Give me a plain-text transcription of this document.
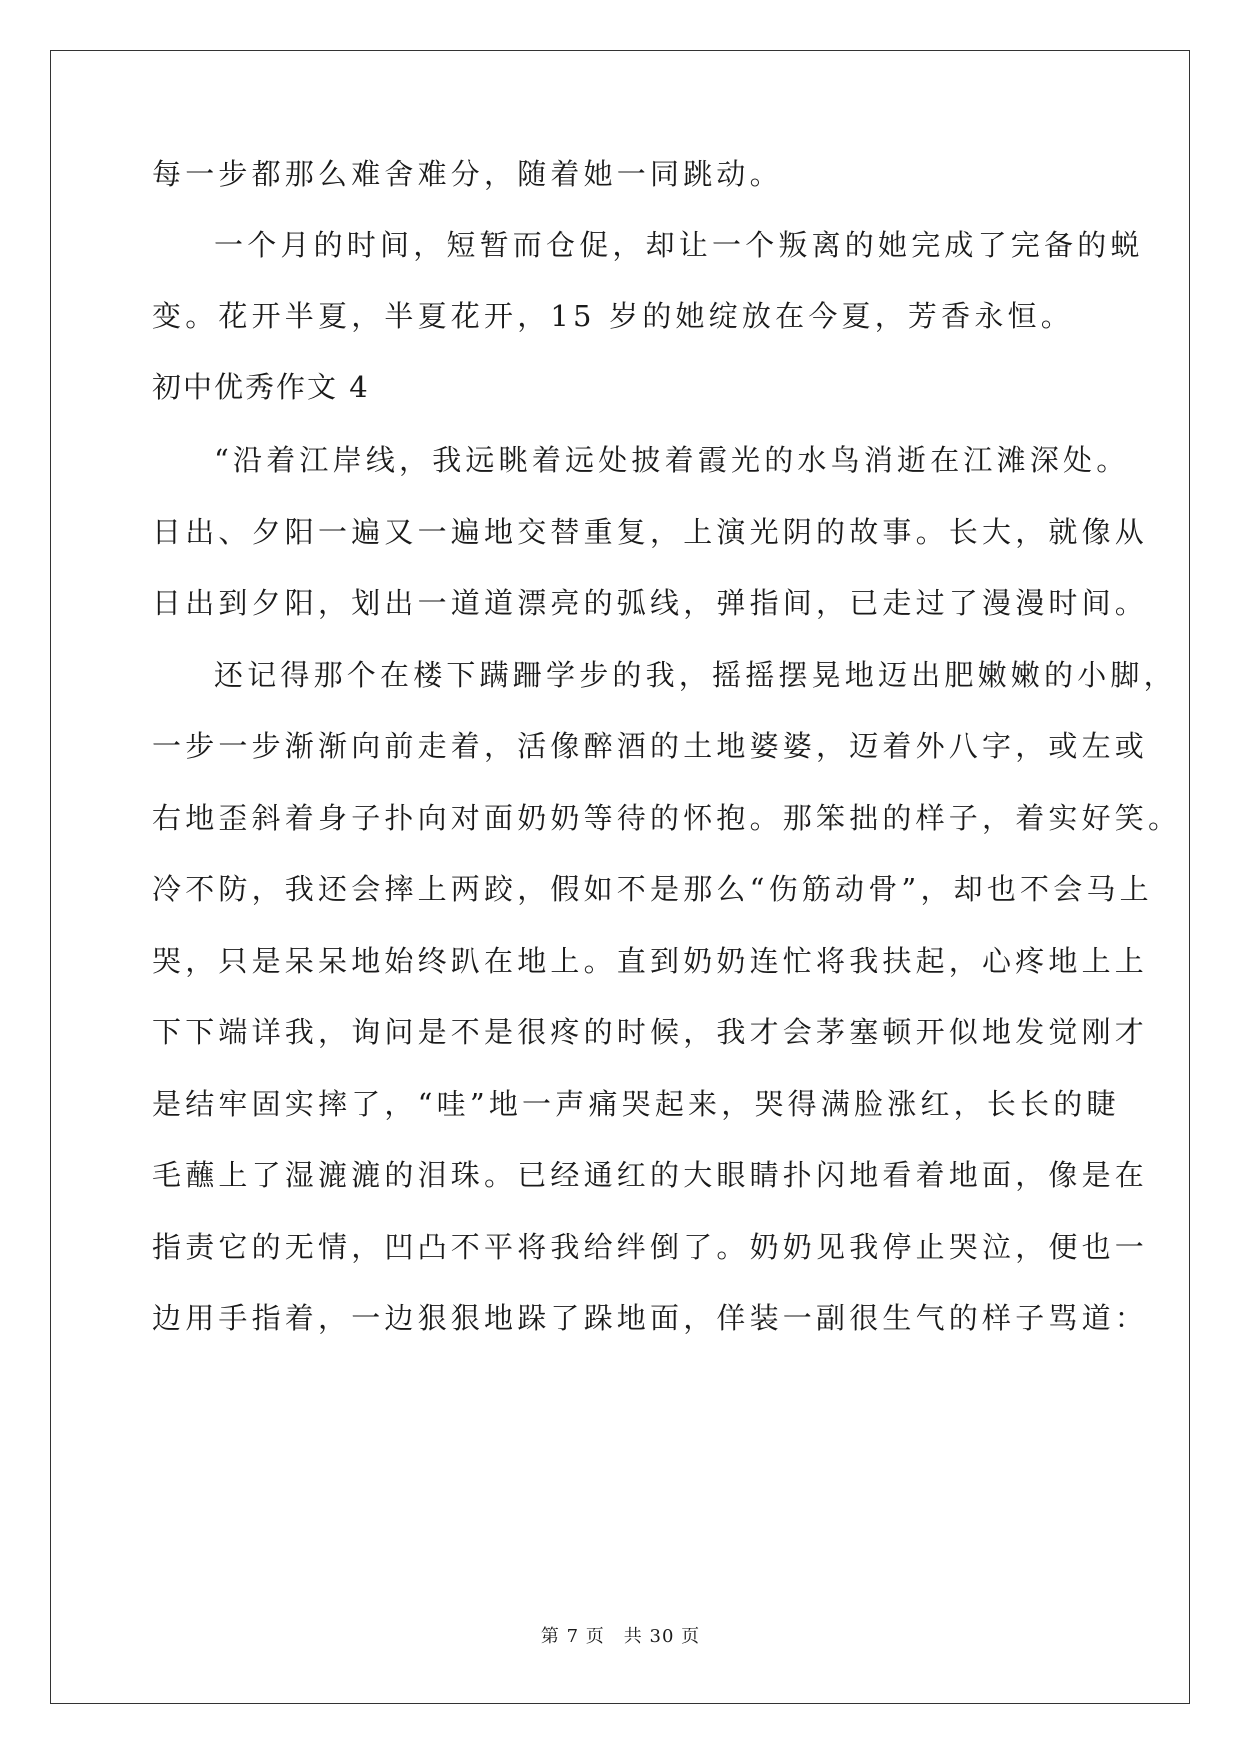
每一步都那么难舍难分，随着她一同跳动。
一个月的时间，短暂而仓促，却让一个叛离的她完成了完备的蜕
变。花开半夏，半夏花开，15 岁的她绽放在今夏，芳香永恒。
初中优秀作文 4
“沿着江岸线，我远眺着远处披着霞光的水鸟消逝在江滩深处。
日出、夕阳一遍又一遍地交替重复，上演光阴的故事。长大，就像从
日出到夕阳，划出一道道漂亮的弧线，弹指间，已走过了漫漫时间。
还记得那个在楼下蹒跚学步的我，摇摇摆晃地迈出肥嫩嫩的小脚，
一步一步渐渐向前走着，活像醉酒的土地婆婆，迈着外八字，或左或
右地歪斜着身子扑向对面奶奶等待的怀抱。那笨拙的样子，着实好笑。
冷不防，我还会摔上两跤，假如不是那么“伤筋动骨”，却也不会马上
哭，只是呆呆地始终趴在地上。直到奶奶连忙将我扶起，心疼地上上
下下端详我，询问是不是很疼的时候，我才会茅塞顿开似地发觉刚才
是结牢固实摔了，“哇”地一声痛哭起来，哭得满脸涨红，长长的睫
毛蘸上了湿漉漉的泪珠。已经通红的大眼睛扑闪地看着地面，像是在
指责它的无情，凹凸不平将我给绊倒了。奶奶见我停止哭泣，便也一
边用手指着，一边狠狠地跺了跺地面，佯装一副很生气的样子骂道：
第 7 页　共 30 页
